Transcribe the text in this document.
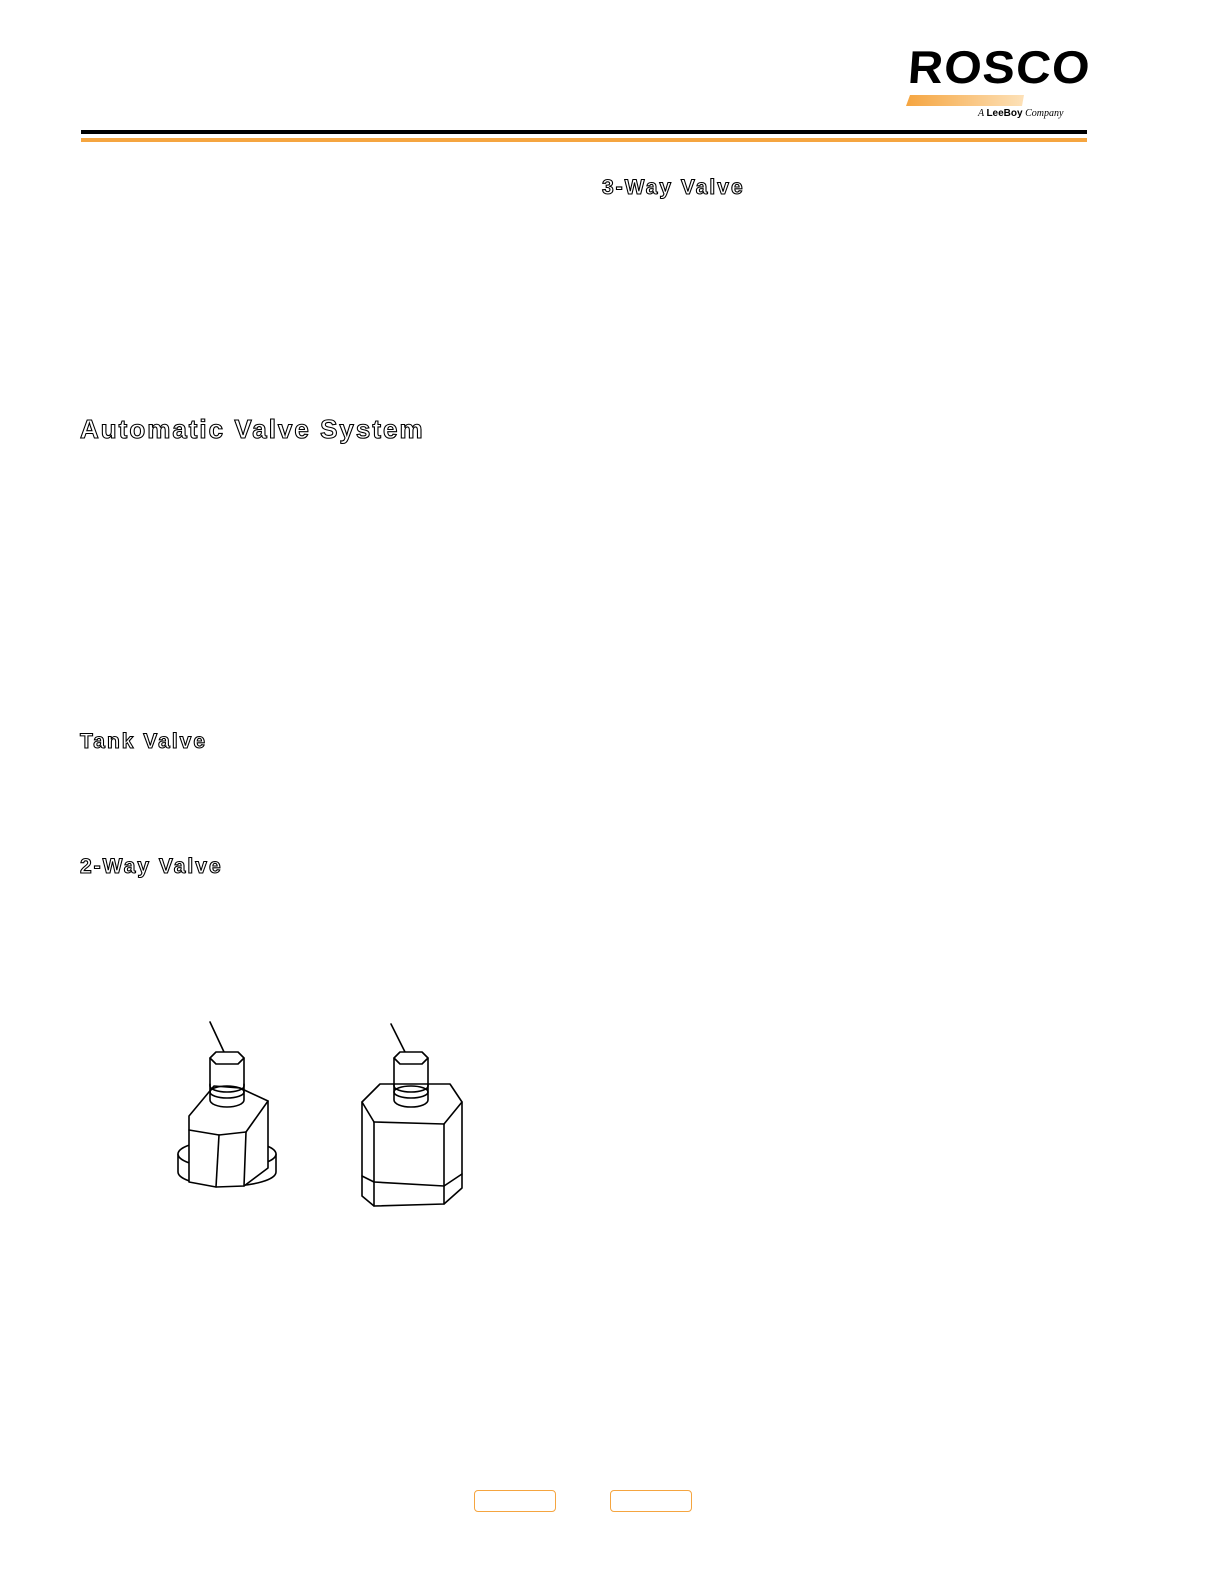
ROSCO
A LeeBoy Company
3-Way Valve
Automatic Valve System
Tank Valve
2-Way Valve
